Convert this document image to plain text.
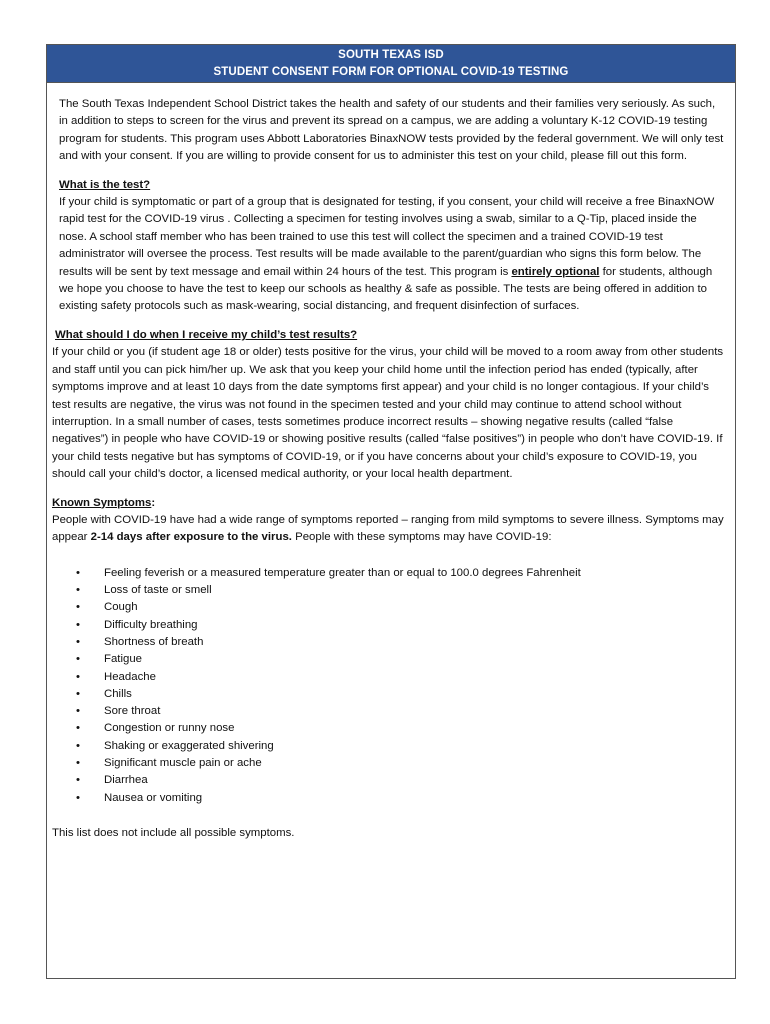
SOUTH TEXAS ISD
STUDENT CONSENT FORM FOR OPTIONAL COVID-19 TESTING

The South Texas Independent School District takes the health and safety of our students and their families very seriously. As such, in addition to steps to screen for the virus and prevent its spread on a campus, we are adding a voluntary K-12 COVID-19 testing program for students. This program uses Abbott Laboratories BinaxNOW tests provided by the federal government. We will only test and with your consent. If you are willing to provide consent for us to administer this test on your child, please fill out this form.

What is the test?

If your child is symptomatic or part of a group that is designated for testing, if you consent, your child will receive a free BinaxNOW rapid test for the COVID-19 virus . Collecting a specimen for testing involves using a swab, similar to a Q-Tip, placed inside the nose. A school staff member who has been trained to use this test will collect the specimen and a trained COVID-19 test administrator will oversee the process. Test results will be made available to the parent/guardian who signs this form below. The results will be sent by text message and email within 24 hours of the test. This program is entirely optional for students, although we hope you choose to have the test to keep our schools as healthy & safe as possible. The tests are being offered in addition to existing safety protocols such as mask-wearing, social distancing, and frequent disinfection of surfaces.

What should I do when I receive my child’s test results?

If your child or you (if student age 18 or older) tests positive for the virus, your child will be moved to a room away from other students and staff until you can pick him/her up. We ask that you keep your child home until the infection period has ended (typically, after symptoms improve and at least 10 days from the date symptoms first appear) and your child is no longer contagious. If your child’s test results are negative, the virus was not found in the specimen tested and your child may continue to attend school without interruption. In a small number of cases, tests sometimes produce incorrect results – showing negative results (called “false negatives”) in people who have COVID-19 or showing positive results (called “false positives”) in people who don’t have COVID-19. If your child tests negative but has symptoms of COVID-19, or if you have concerns about your child’s exposure to COVID-19, you should call your child’s doctor, a licensed medical authority, or your local health department.

Known Symptoms:

People with COVID-19 have had a wide range of symptoms reported – ranging from mild symptoms to severe illness. Symptoms may appear 2-14 days after exposure to the virus. People with these symptoms may have COVID-19:

• Feeling feverish or a measured temperature greater than or equal to 100.0 degrees Fahrenheit
• Loss of taste or smell
• Cough
• Difficulty breathing
• Shortness of breath
• Fatigue
• Headache
• Chills
• Sore throat
• Congestion or runny nose
• Shaking or exaggerated shivering
• Significant muscle pain or ache
• Diarrhea
• Nausea or vomiting

This list does not include all possible symptoms.
